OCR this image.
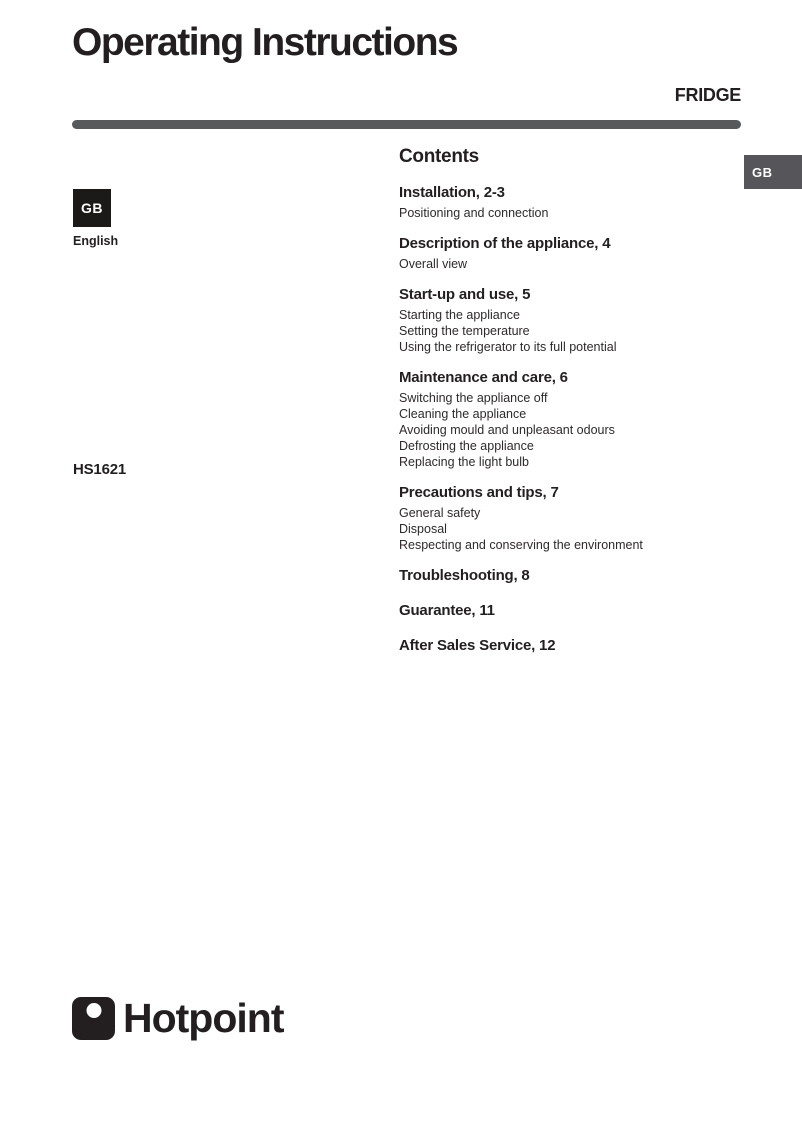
Operating Instructions
FRIDGE
GB
GB
English
HS1621
Contents
Installation, 2-3
Positioning and connection
Description of the appliance, 4
Overall view
Start-up and use, 5
Starting the appliance
Setting the temperature
Using the refrigerator to its full potential
Maintenance and care, 6
Switching the appliance off
Cleaning the appliance
Avoiding mould and unpleasant odours
Defrosting the appliance
Replacing the light bulb
Precautions and tips, 7
General safety
Disposal
Respecting and conserving the environment
Troubleshooting, 8
Guarantee, 11
After Sales Service, 12
Hotpoint
